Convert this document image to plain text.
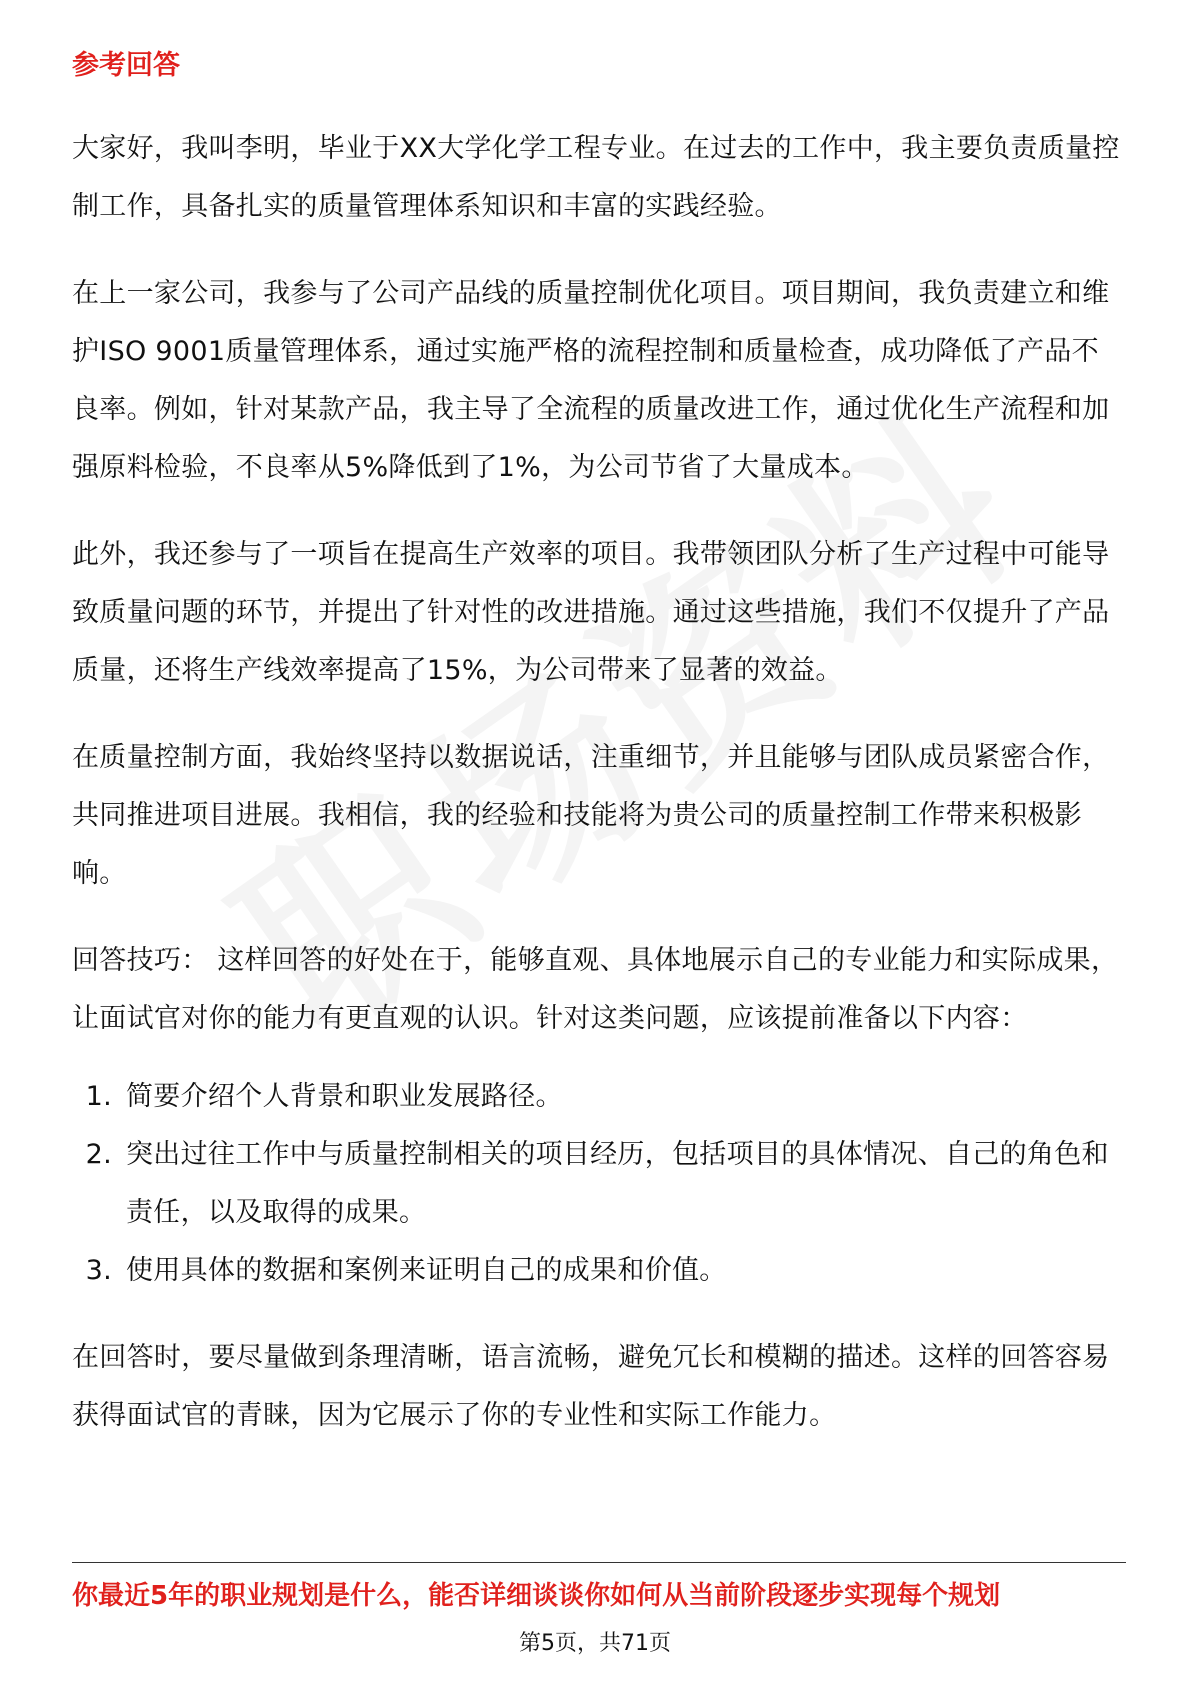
参考回答

大家好，我叫李明，毕业于XX大学化学工程专业。在过去的工作中，我主要负责质量控制工作，具备扎实的质量管理体系知识和丰富的实践经验。

在上一家公司，我参与了公司产品线的质量控制优化项目。项目期间，我负责建立和维护ISO 9001质量管理体系，通过实施严格的流程控制和质量检查，成功降低了产品不良率。例如，针对某款产品，我主导了全流程的质量改进工作，通过优化生产流程和加强原料检验，不良率从5%降低到了1%，为公司节省了大量成本。

此外，我还参与了一项旨在提高生产效率的项目。我带领团队分析了生产过程中可能导致质量问题的环节，并提出了针对性的改进措施。通过这些措施，我们不仅提升了产品质量，还将生产线效率提高了15%，为公司带来了显著的效益。

在质量控制方面，我始终坚持以数据说话，注重细节，并且能够与团队成员紧密合作，共同推进项目进展。我相信，我的经验和技能将为贵公司的质量控制工作带来积极影响。

回答技巧： 这样回答的好处在于，能够直观、具体地展示自己的专业能力和实际成果，让面试官对你的能力有更直观的认识。针对这类问题，应该提前准备以下内容：

1. 简要介绍个人背景和职业发展路径。
2. 突出过往工作中与质量控制相关的项目经历，包括项目的具体情况、自己的角色和责任，以及取得的成果。
3. 使用具体的数据和案例来证明自己的成果和价值。

在回答时，要尽量做到条理清晰，语言流畅，避免冗长和模糊的描述。这样的回答容易获得面试官的青睐，因为它展示了你的专业性和实际工作能力。

你最近5年的职业规划是什么，能否详细谈谈你如何从当前阶段逐步实现每个规划
第5页，共71页
